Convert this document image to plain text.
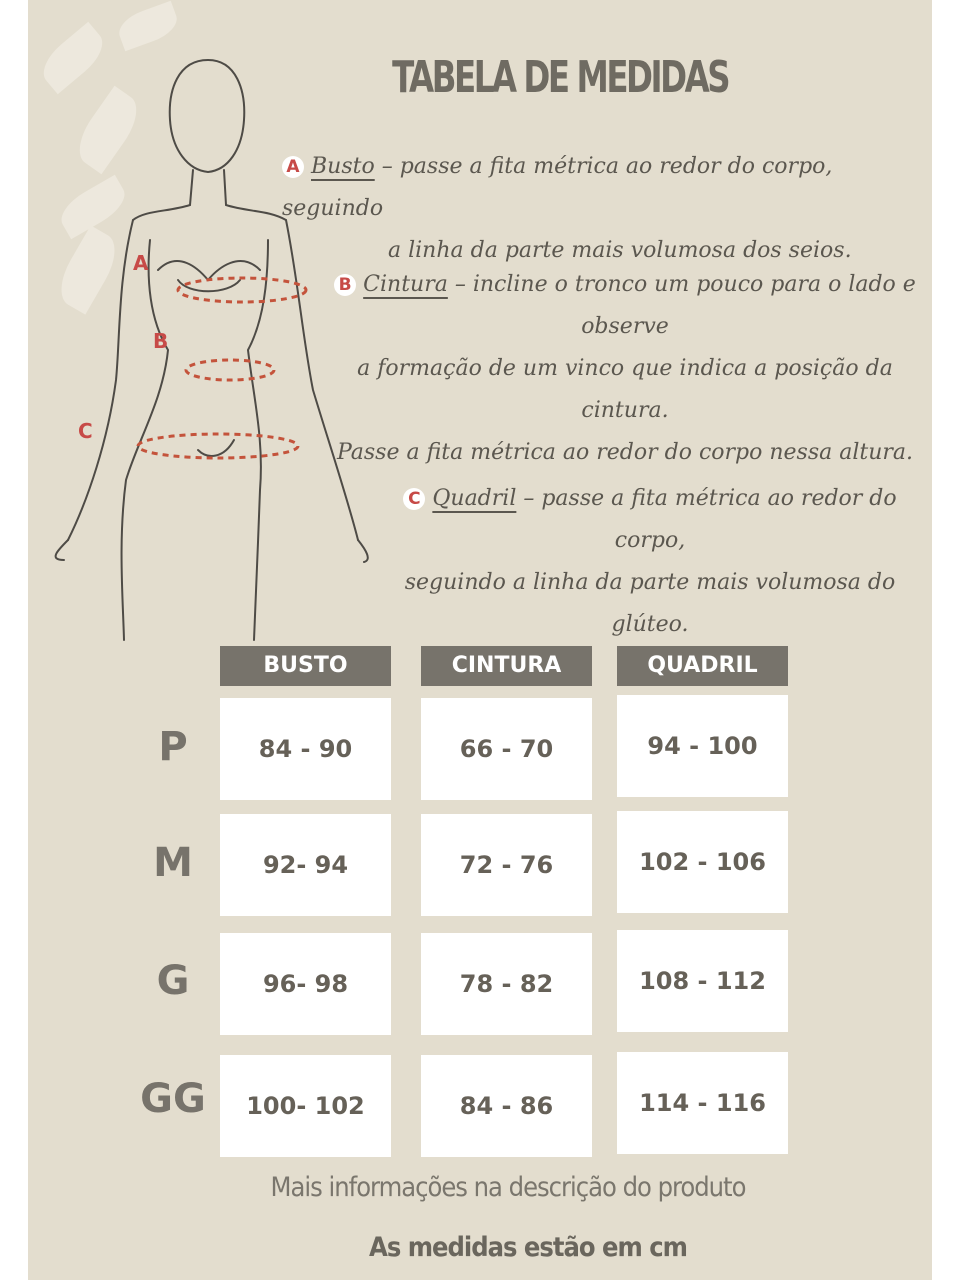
A
B
C
TABELA DE MEDIDAS
A Busto – passe a fita métrica ao redor do corpo, seguindo
a linha da parte mais volumosa dos seios.
B Cintura – incline o tronco um pouco para o lado e
observe
a formação de um vinco que indica a posição da cintura.
Passe a fita métrica ao redor do corpo nessa altura.
C Quadril – passe a fita métrica ao redor do corpo,
seguindo a linha da parte mais volumosa do
glúteo.
BUSTO	CINTURA	QUADRIL
P	84 - 90	66 - 70	94 - 100
M	92- 94	72 - 76	102 - 106
G	96- 98	78 - 82	108 - 112
GG	100- 102	84 - 86	114 - 116
Mais informações na descrição do produto
As medidas estão em cm
